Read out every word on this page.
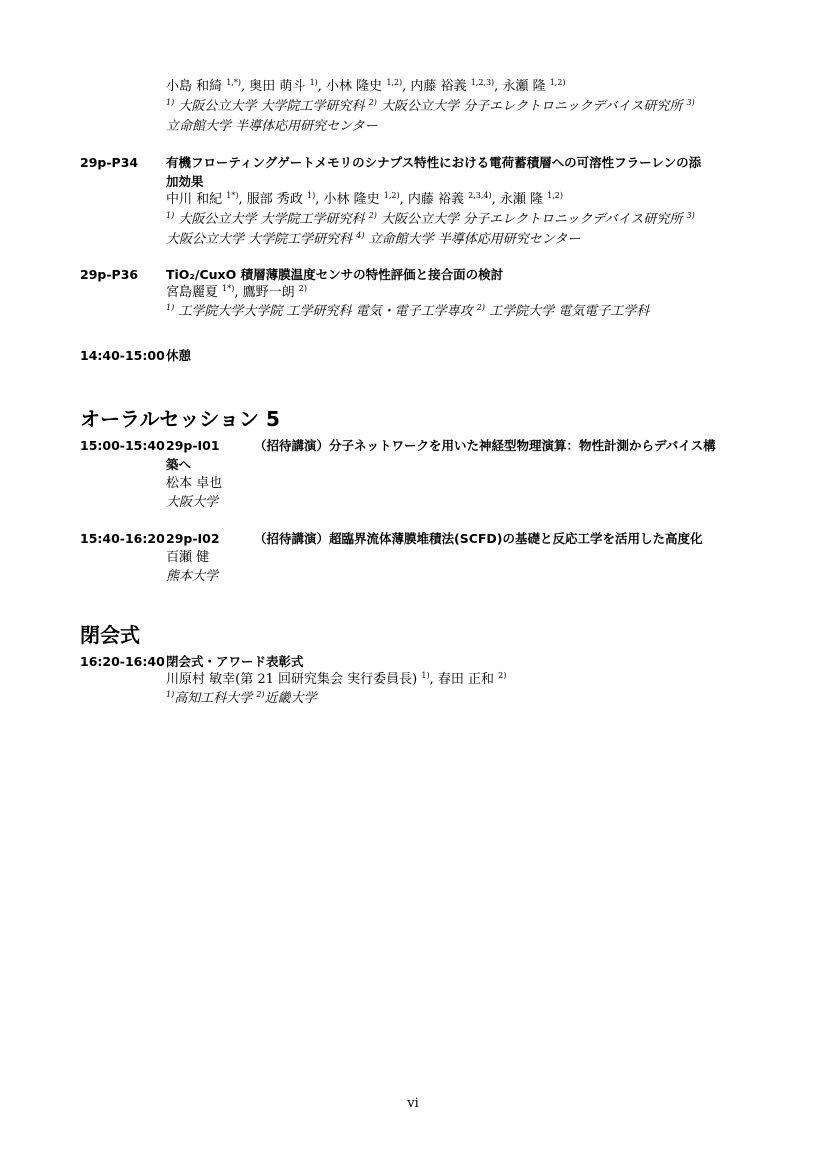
小島 和綺 $^{1,*)}$, 奥田 萌斗 $^{1)}$, 小林 隆史 $^{1,2)}$, 内藤 裕義 $^{1,2,3)}$, 永瀬 隆 $^{1,2)}$
$^{1)}$ 大阪公立大学 大学院工学研究科 $^{2)}$ 大阪公立大学 分子エレクトロニックデバイス研究所 $^{3)}$
立命館大学 半導体応用研究センター
29p-P34 有機フローティングゲートメモリのシナプス特性における電荷蓄積層への可溶性フラーレンの添
加効果
中川 和紀 $^{1*)}$, 服部 秀政 $^{1)}$, 小林 隆史 $^{1,2)}$, 内藤 裕義 $^{2,3,4)}$, 永瀬 隆 $^{1,2)}$
$^{1)}$ 大阪公立大学 大学院工学研究科 $^{2)}$ 大阪公立大学 分子エレクトロニックデバイス研究所 $^{3)}$
大阪公立大学 大学院工学研究科 $^{4)}$ 立命館大学 半導体応用研究センター
29p-P36 TiO₂/CuxO 積層薄膜温度センサの特性評価と接合面の検討
宮島麗夏 $^{1*)}$, 鷹野一朗 $^{2)}$
$^{1)}$ 工学院大学大学院 工学研究科 電気・電子工学専攻 $^{2)}$ 工学院大学 電気電子工学科
14:40-15:00 休憩
オーラルセッション 5
15:00-15:40 29p-I01	（招待講演）分子ネットワークを用いた神経型物理演算：物性計測からデバイス構
築へ
松本 卓也
大阪大学
15:40-16:20 29p-I02	（招待講演）超臨界流体薄膜堆積法(SCFD)の基礎と反応工学を活用した高度化
百瀬 健
熊本大学
閉会式
16:20-16:40 閉会式・アワード表彰式
川原村 敏幸(第 21 回研究集会 実行委員長) $^{1)}$, 春田 正和 $^{2)}$
$^{1)}$高知工科大学 $^{2)}$近畿大学
vi
